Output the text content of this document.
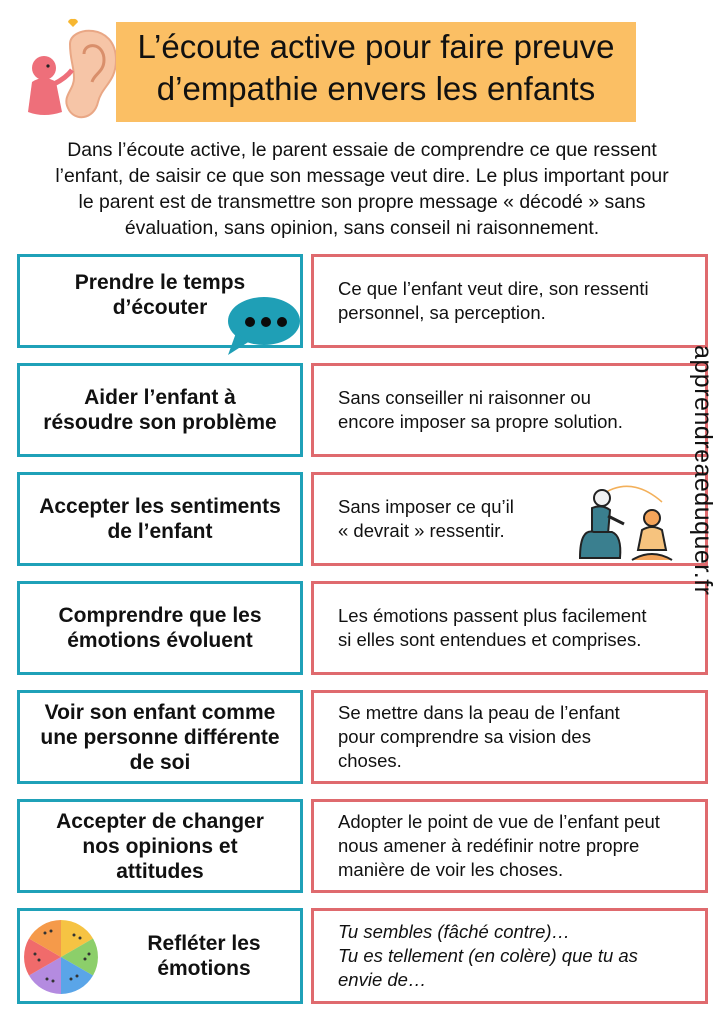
L’écoute active pour faire preuve
d’empathie envers les enfants
Dans l’écoute active, le parent essaie de comprendre ce que ressent
l’enfant, de saisir ce que son message veut dire. Le plus important pour
le parent est de transmettre son propre message « décodé » sans
évaluation, sans opinion, sans conseil ni raisonnement.
Prendre le temps
d’écouter
Ce que l’enfant veut dire, son ressenti
personnel, sa perception.
Aider l’enfant à
résoudre son problème
Sans conseiller ni raisonner ou
encore imposer sa propre solution.
Accepter les sentiments
de l’enfant
Sans imposer ce qu’il
« devrait » ressentir.
Comprendre que les
émotions évoluent
Les émotions passent plus facilement
si elles sont entendues et comprises.
Voir son enfant comme
une personne différente
de soi
Se mettre dans la peau de l’enfant
pour comprendre sa vision des
choses.
Accepter de changer
nos opinions et
attitudes
Adopter le point de vue de l’enfant peut
nous amener à redéfinir notre propre
manière de voir les choses.
Refléter les
émotions
Tu sembles (fâché contre)…
Tu es tellement (en colère) que tu as
envie de…
apprendreaeduquer.fr
